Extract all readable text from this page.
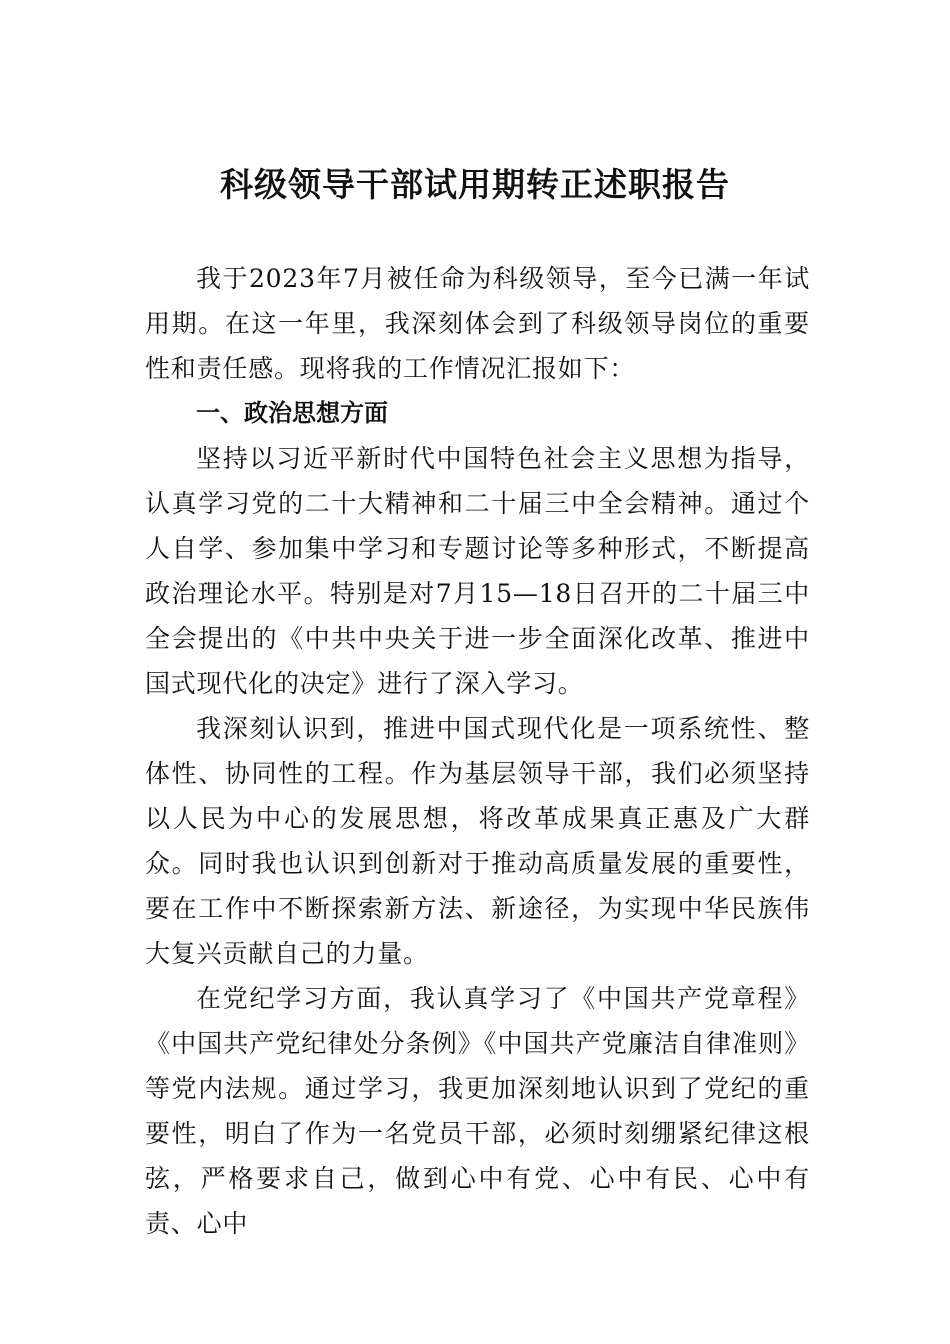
科级领导干部试用期转正述职报告

我于2023年7月被任命为科级领导，至今已满一年试用期。在这一年里，我深刻体会到了科级领导岗位的重要性和责任感。现将我的工作情况汇报如下：

一、政治思想方面

坚持以习近平新时代中国特色社会主义思想为指导，认真学习党的二十大精神和二十届三中全会精神。通过个人自学、参加集中学习和专题讨论等多种形式，不断提高政治理论水平。特别是对7月15—18日召开的二十届三中全会提出的《中共中央关于进一步全面深化改革、推进中国式现代化的决定》进行了深入学习。

我深刻认识到，推进中国式现代化是一项系统性、整体性、协同性的工程。作为基层领导干部，我们必须坚持以人民为中心的发展思想，将改革成果真正惠及广大群众。同时我也认识到创新对于推动高质量发展的重要性，要在工作中不断探索新方法、新途径，为实现中华民族伟大复兴贡献自己的力量。

在党纪学习方面，我认真学习了《中国共产党章程》《中国共产党纪律处分条例》《中国共产党廉洁自律准则》等党内法规。通过学习，我更加深刻地认识到了党纪的重要性，明白了作为一名党员干部，必须时刻绷紧纪律这根弦，严格要求自己，做到心中有党、心中有民、心中有责、心中
